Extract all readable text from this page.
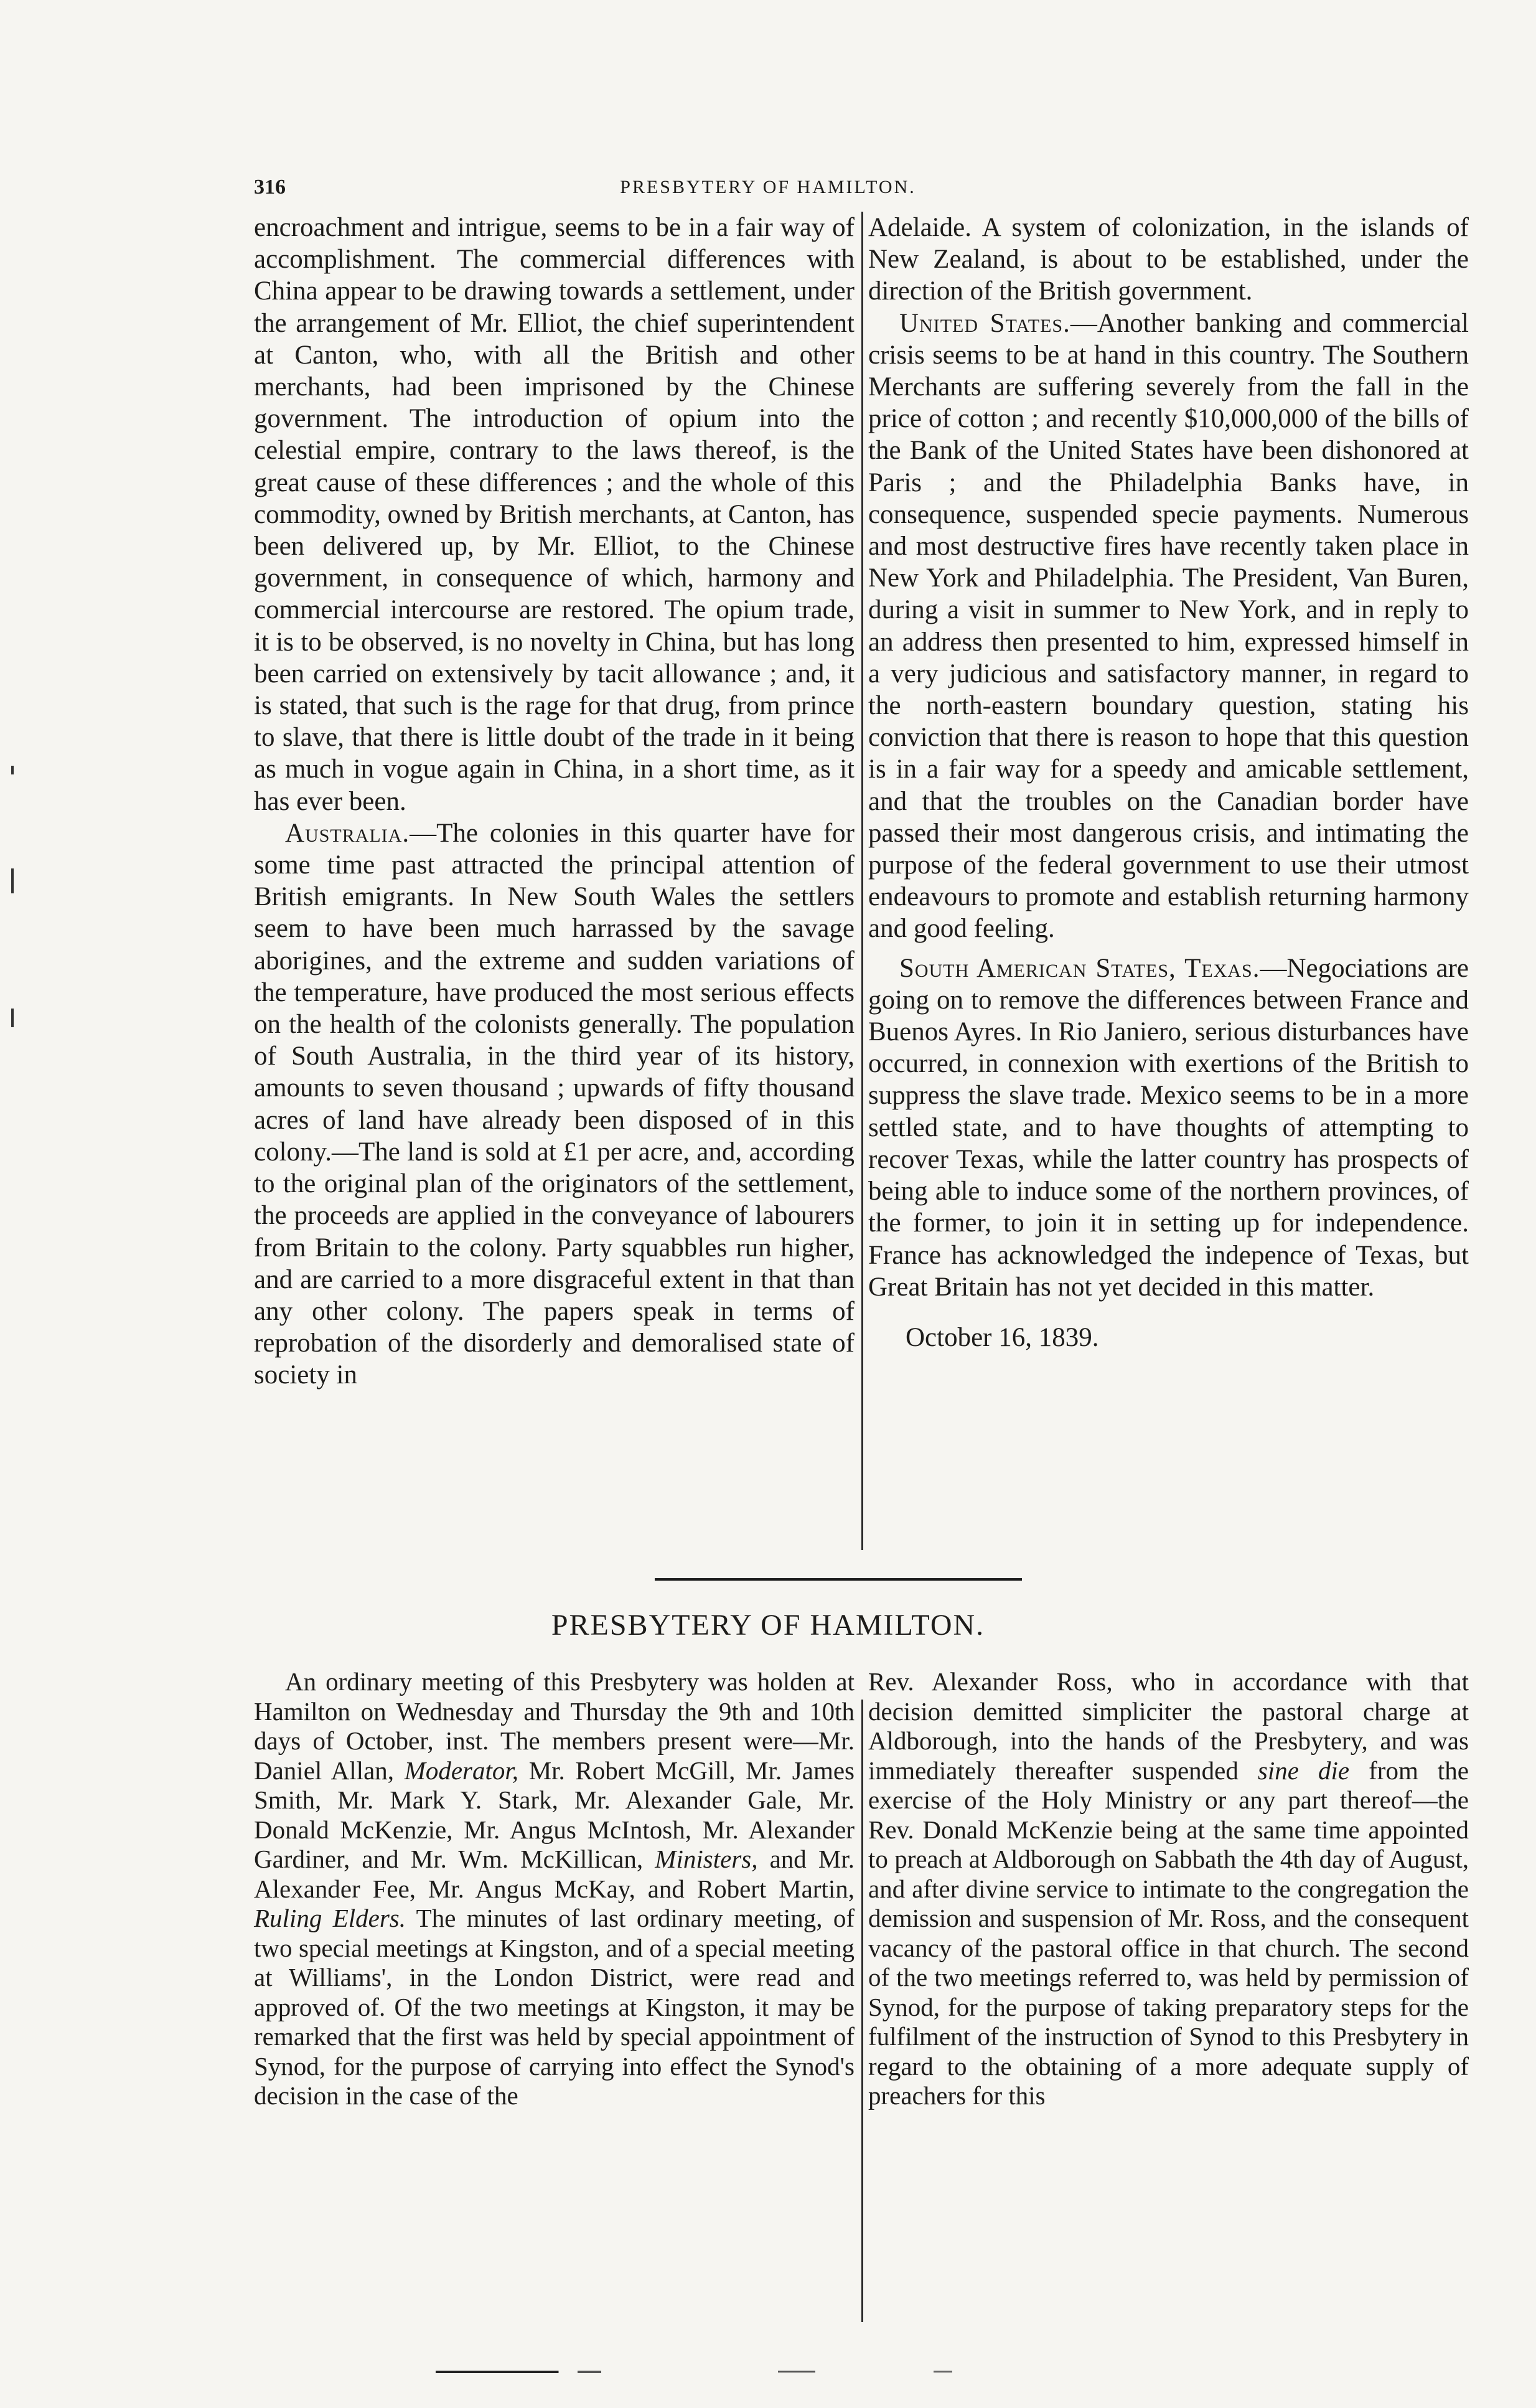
316	PRESBYTERY OF HAMILTON.

encroachment and intrigue, seems to be in a fair way of accomplishment. The commercial differences with China appear to be drawing towards a settlement, under the arrangement of Mr. Elliot, the chief superintendent at Canton, who, with all the British and other merchants, had been imprisoned by the Chinese government. The introduction of opium into the celestial empire, contrary to the laws thereof, is the great cause of these differences ; and the whole of this commodity, owned by British merchants, at Canton, has been delivered up, by Mr. Elliot, to the Chinese government, in consequence of which, harmony and commercial intercourse are restored. The opium trade, it is to be observed, is no novelty in China, but has long been carried on extensively by tacit allowance ; and, it is stated, that such is the rage for that drug, from prince to slave, that there is little doubt of the trade in it being as much in vogue again in China, in a short time, as it has ever been.

Australia.—The colonies in this quarter have for some time past attracted the principal attention of British emigrants. In New South Wales the settlers seem to have been much harrassed by the savage aborigines, and the extreme and sudden variations of the temperature, have produced the most serious effects on the health of the colonists generally. The population of South Australia, in the third year of its history, amounts to seven thousand ; upwards of fifty thousand acres of land have already been disposed of in this colony.—The land is sold at £1 per acre, and, according to the original plan of the originators of the settlement, the proceeds are applied in the conveyance of labourers from Britain to the colony. Party squabbles run higher, and are carried to a more disgraceful extent in that than any other colony. The papers speak in terms of reprobation of the disorderly and demoralised state of society in

Adelaide. A system of colonization, in the islands of New Zealand, is about to be established, under the direction of the British government.

United States.—Another banking and commercial crisis seems to be at hand in this country. The Southern Merchants are suffering severely from the fall in the price of cotton ; and recently $10,000,000 of the bills of the Bank of the United States have been dishonored at Paris ; and the Philadelphia Banks have, in consequence, suspended specie payments. Numerous and most destructive fires have recently taken place in New York and Philadelphia. The President, Van Buren, during a visit in summer to New York, and in reply to an address then presented to him, expressed himself in a very judicious and satisfactory manner, in regard to the north-eastern boundary question, stating his conviction that there is reason to hope that this question is in a fair way for a speedy and amicable settlement, and that the troubles on the Canadian border have passed their most dangerous crisis, and intimating the purpose of the federal government to use their utmost endeavours to promote and establish returning harmony and good feeling.

South American States, Texas.—Negociations are going on to remove the differences between France and Buenos Ayres. In Rio Janiero, serious disturbances have occurred, in connexion with exertions of the British to suppress the slave trade. Mexico seems to be in a more settled state, and to have thoughts of attempting to recover Texas, while the latter country has prospects of being able to induce some of the northern provinces, of the former, to join it in setting up for independence. France has acknowledged the indepence of Texas, but Great Britain has not yet decided in this matter.

October 16, 1839.

PRESBYTERY OF HAMILTON.

An ordinary meeting of this Presbytery was holden at Hamilton on Wednesday and Thursday the 9th and 10th days of October, inst. The members present were—Mr. Daniel Allan, Moderator, Mr. Robert McGill, Mr. James Smith, Mr. Mark Y. Stark, Mr. Alexander Gale, Mr. Donald McKenzie, Mr. Angus McIntosh, Mr. Alexander Gardiner, and Mr. Wm. McKillican, Ministers, and Mr. Alexander Fee, Mr. Angus McKay, and Robert Martin, Ruling Elders. The minutes of last ordinary meeting, of two special meetings at Kingston, and of a special meeting at Williams', in the London District, were read and approved of. Of the two meetings at Kingston, it may be remarked that the first was held by special appointment of Synod, for the purpose of carrying into effect the Synod's decision in the case of the

Rev. Alexander Ross, who in accordance with that decision demitted simpliciter the pastoral charge at Aldborough, into the hands of the Presbytery, and was immediately thereafter suspended sine die from the exercise of the Holy Ministry or any part thereof—the Rev. Donald McKenzie being at the same time appointed to preach at Aldborough on Sabbath the 4th day of August, and after divine service to intimate to the congregation the demission and suspension of Mr. Ross, and the consequent vacancy of the pastoral office in that church. The second of the two meetings referred to, was held by permission of Synod, for the purpose of taking preparatory steps for the fulfilment of the instruction of Synod to this Presbytery in regard to the obtaining of a more adequate supply of preachers for this
